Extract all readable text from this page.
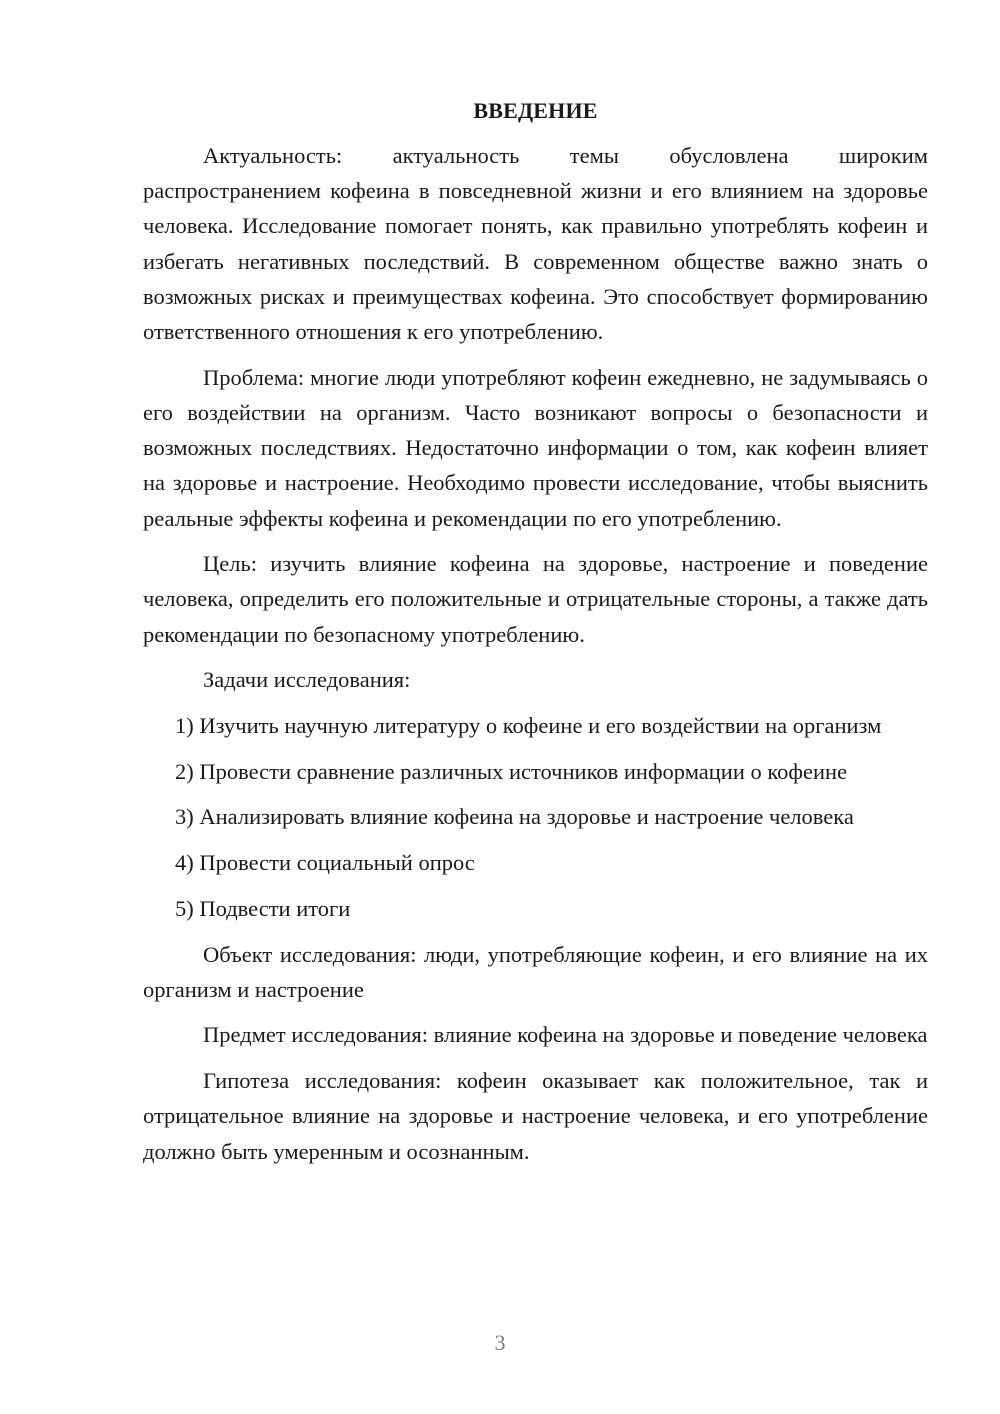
ВВЕДЕНИЕ

Актуальность: актуальность темы обусловлена широким распространением кофеина в повседневной жизни и его влиянием на здоровье человека. Исследование помогает понять, как правильно употреблять кофеин и избегать негативных последствий. В современном обществе важно знать о возможных рисках и преимуществах кофеина. Это способствует формированию ответственного отношения к его употреблению.

Проблема: многие люди употребляют кофеин ежедневно, не задумываясь о его воздействии на организм. Часто возникают вопросы о безопасности и возможных последствиях. Недостаточно информации о том, как кофеин влияет на здоровье и настроение. Необходимо провести исследование, чтобы выяснить реальные эффекты кофеина и рекомендации по его употреблению.

Цель: изучить влияние кофеина на здоровье, настроение и поведение человека, определить его положительные и отрицательные стороны, а также дать рекомендации по безопасному употреблению.

Задачи исследования:

1) Изучить научную литературу о кофеине и его воздействии на организм

2) Провести сравнение различных источников информации о кофеине

3) Анализировать влияние кофеина на здоровье и настроение человека

4) Провести социальный опрос

5) Подвести итоги

Объект исследования: люди, употребляющие кофеин, и его влияние на их организм и настроение

Предмет исследования: влияние кофеина на здоровье и поведение человека

Гипотеза исследования: кофеин оказывает как положительное, так и отрицательное влияние на здоровье и настроение человека, и его употребление должно быть умеренным и осознанным.

3
